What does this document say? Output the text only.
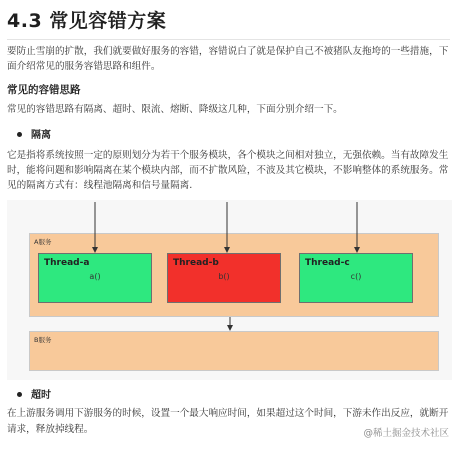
4.3 常见容错方案
要防止雪崩的扩散，我们就要做好服务的容错，容错说白了就是保护自己不被猪队友拖垮的一些措施，下面介绍常见的服务容错思路和组件。
常见的容错思路
常见的容错思路有隔离、超时、限流、熔断、降级这几种，下面分别介绍一下。
隔离
它是指将系统按照一定的原则划分为若干个服务模块，各个模块之间相对独立，无强依赖。当有故障发生时，能将问题和影响隔离在某个模块内部，而不扩散风险，不波及其它模块，不影响整体的系统服务。常见的隔离方式有：线程池隔离和信号量隔离.
A服务
B服务
Thread-a
a()
Thread-b
b()
Thread-c
c()
超时
在上游服务调用下游服务的时候，设置一个最大响应时间，如果超过这个时间，下游未作出反应，就断开请求，释放掉线程。	@稀土掘金技术社区
